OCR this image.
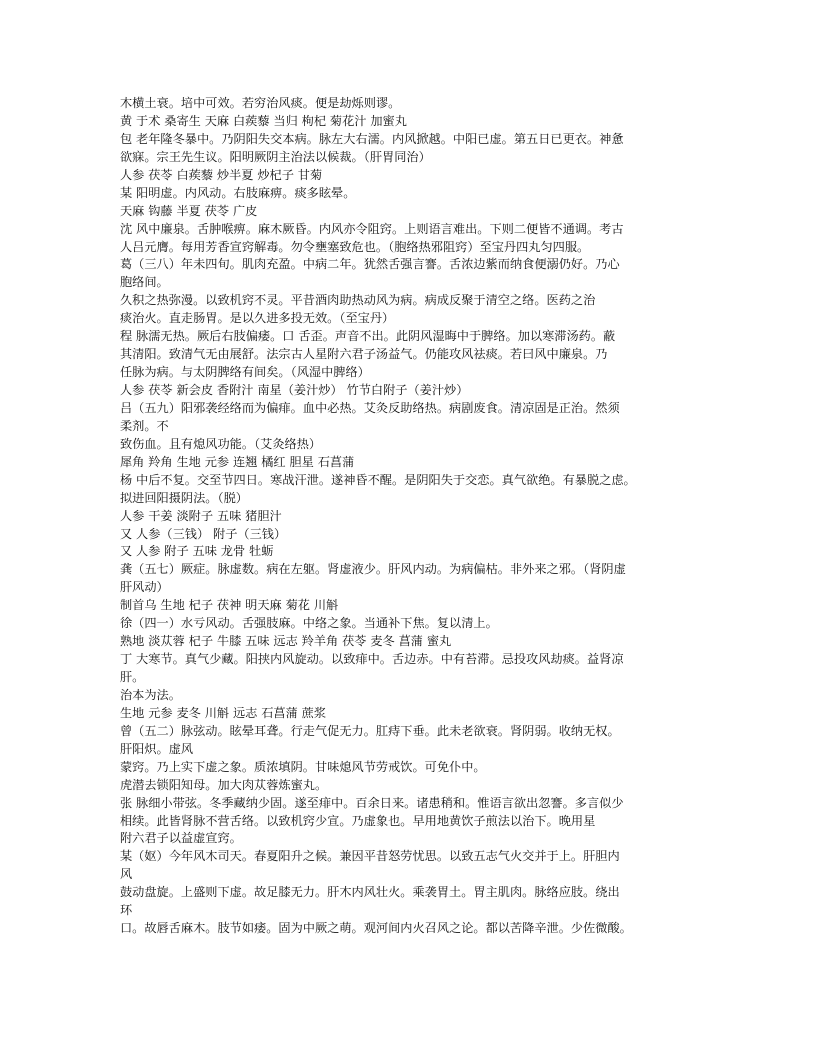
木横土衰。培中可效。若穷治风痰。便是劫烁则谬。
黄 于术 桑寄生 天麻 白蒺藜 当归 枸杞 菊花汁 加蜜丸
包 老年隆冬暴中。乃阴阳失交本病。脉左大右濡。内风掀越。中阳已虚。第五日已更衣。神惫
欲寐。宗王先生议。阳明厥阴主治法以候裁。（肝胃同治）
人参 茯苓 白蒺藜 炒半夏 炒杞子 甘菊
某 阳明虚。内风动。右肢麻痹。痰多眩晕。
天麻 钩藤 半夏 茯苓 广皮
沈 风中廉泉。舌肿喉痹。麻木厥昏。内风亦令阻窍。上则语言难出。下则二便皆不通调。考古
人吕元膺。每用芳香宣窍解毒。勿令壅塞致危也。（胞络热邪阻窍）至宝丹四丸匀四服。
葛（三八）年未四旬。肌肉充盈。中病二年。犹然舌强言謇。舌浓边紫而纳食便溺仍好。乃心
胞络间。
久积之热弥漫。以致机窍不灵。平昔酒肉助热动风为病。病成反聚于清空之络。医药之治
痰治火。直走肠胃。是以久进多投无效。（至宝丹）
程 脉濡无热。厥后右肢偏痿。口 舌歪。声音不出。此阴风湿晦中于脾络。加以寒滞汤药。蔽
其清阳。致清气无由展舒。法宗古人星附六君子汤益气。仍能攻风祛痰。若曰风中廉泉。乃
任脉为病。与太阴脾络有间矣。（风湿中脾络）
人参 茯苓 新会皮 香附汁 南星（姜汁炒） 竹节白附子（姜汁炒）
吕（五九）阳邪袭经络而为偏痱。血中必热。艾灸反助络热。病剧废食。清凉固是正治。然须
柔剂。不
致伤血。且有熄风功能。（艾灸络热）
犀角 羚角 生地 元参 连翘 橘红 胆星 石菖蒲
杨 中后不复。交至节四日。寒战汗泄。遂神昏不醒。是阴阳失于交恋。真气欲绝。有暴脱之虑。
拟进回阳摄阴法。（脱）
人参 干姜 淡附子 五味 猪胆汁
又 人参（三钱） 附子（三钱）
又 人参 附子 五味 龙骨 牡蛎
龚（五七）厥症。脉虚数。病在左躯。肾虚液少。肝风内动。为病偏枯。非外来之邪。（肾阴虚
肝风动）
制首乌 生地 杞子 茯神 明天麻 菊花 川斛
徐（四一）水亏风动。舌强肢麻。中络之象。当通补下焦。复以清上。
熟地 淡苁蓉 杞子 牛膝 五味 远志 羚羊角 茯苓 麦冬 菖蒲 蜜丸
丁 大寒节。真气少藏。阳挟内风旋动。以致痱中。舌边赤。中有苔滞。忌投攻风劫痰。益肾凉
肝。
治本为法。
生地 元参 麦冬 川斛 远志 石菖蒲 蔗浆
曾（五二）脉弦动。眩晕耳聋。行走气促无力。肛痔下垂。此未老欲衰。肾阴弱。收纳无权。
肝阳炽。虚风
蒙窍。乃上实下虚之象。质浓填阴。甘味熄风节劳戒饮。可免仆中。
虎潜去锁阳知母。加大肉苁蓉炼蜜丸。
张 脉细小带弦。冬季藏纳少固。遂至痱中。百余日来。诸患稍和。惟语言欲出忽謇。多言似少
相续。此皆肾脉不营舌络。以致机窍少宣。乃虚象也。早用地黄饮子煎法以治下。晚用星
附六君子以益虚宣窍。
某（妪）今年风木司天。春夏阳升之候。兼因平昔怒劳忧思。以致五志气火交并于上。肝胆内
风
鼓动盘旋。上盛则下虚。故足膝无力。肝木内风壮火。乘袭胃土。胃主肌肉。脉络应肢。绕出
环
口。故唇舌麻木。肢节如痿。固为中厥之萌。观河间内火召风之论。都以苦降辛泄。少佐微酸。
